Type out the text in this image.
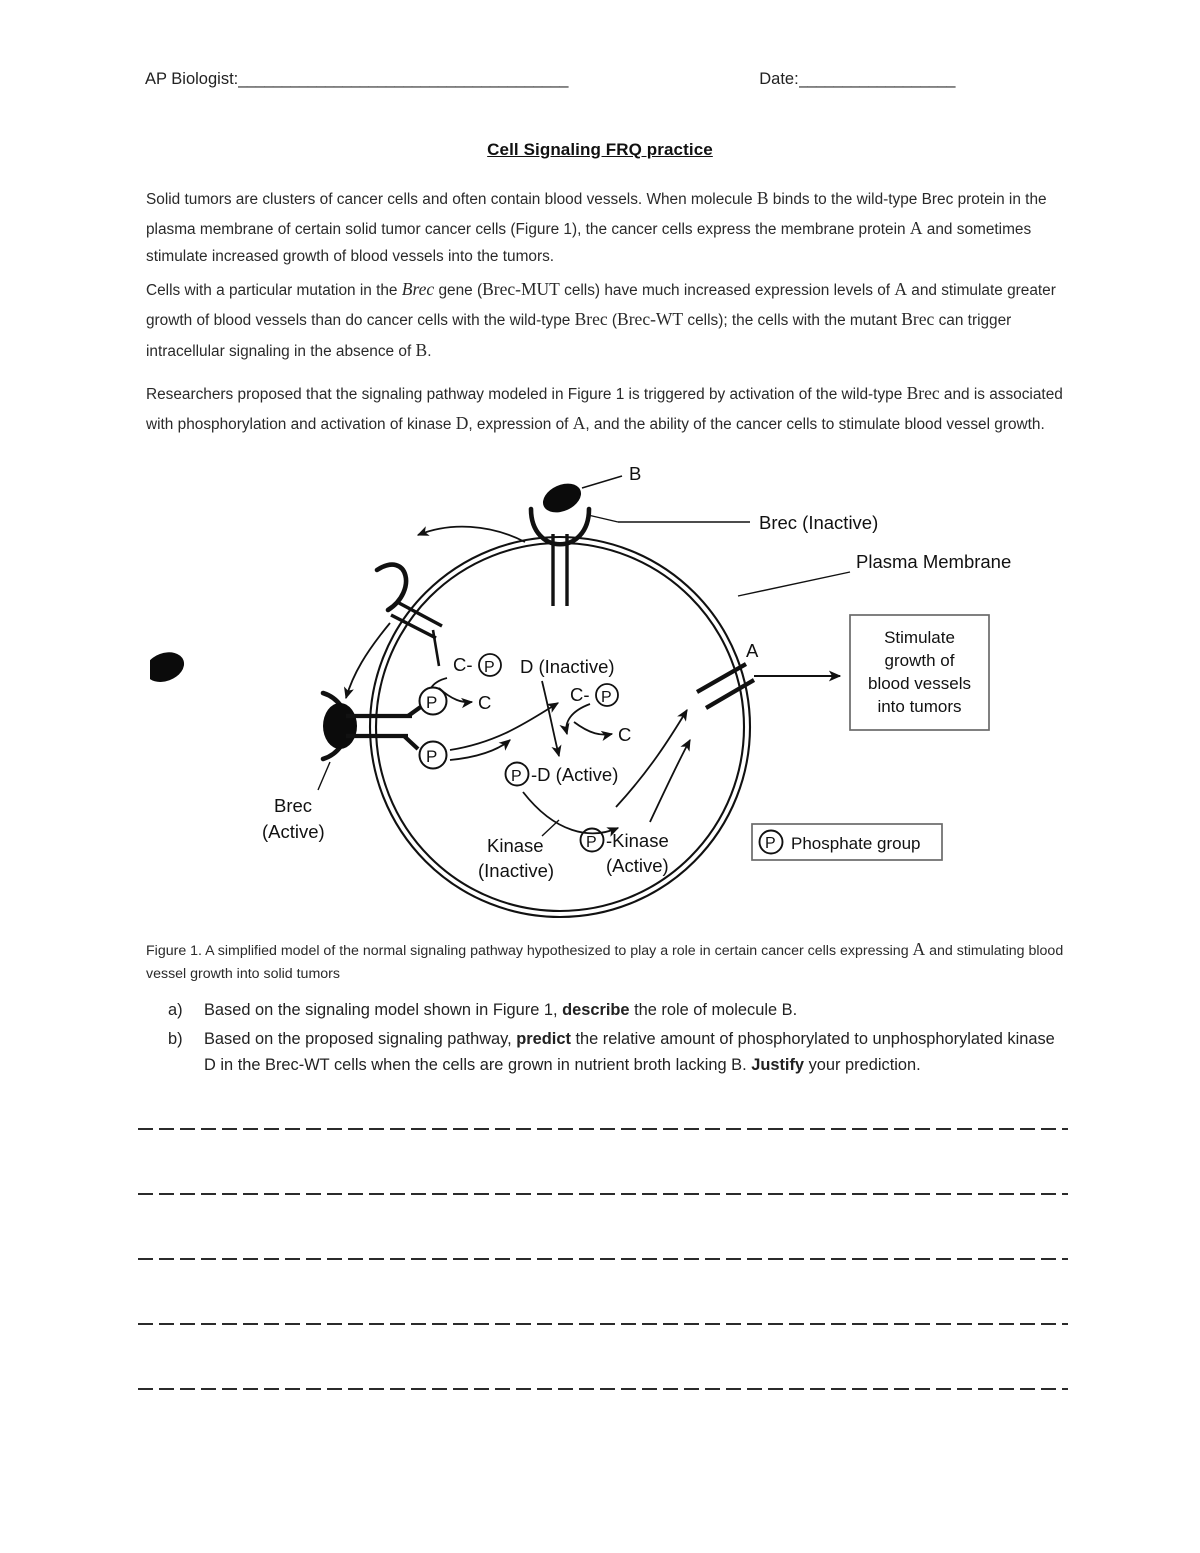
AP Biologist: ______________________________________	Date: __________________
Cell Signaling FRQ practice
Solid tumors are clusters of cancer cells and often contain blood vessels. When molecule B binds to the wild-type Brec protein in the plasma membrane of certain solid tumor cancer cells (Figure 1), the cancer cells express the membrane protein A and sometimes stimulate increased growth of blood vessels into the tumors.
Cells with a particular mutation in the Brec gene (Brec-MUT cells) have much increased expression levels of A and stimulate greater growth of blood vessels than do cancer cells with the wild-type Brec (Brec-WT cells); the cells with the mutant Brec can trigger intracellular signaling in the absence of B.
Researchers proposed that the signaling pathway modeled in Figure 1 is triggered by activation of the wild-type Brec and is associated with phosphorylation and activation of kinase D, expression of A, and the ability of the cancer cells to stimulate blood vessel growth.
B
Brec (Inactive)
Plasma Membrane
C- P
C
P
P
Brec
(Active)
D (Inactive)
C- P
C
P -D (Active)
Kinase
(Inactive)
P -Kinase
(Active)
A
Stimulate
growth of
blood vessels
into tumors
P Phosphate group
Figure 1. A simplified model of the normal signaling pathway hypothesized to play a role in certain cancer cells expressing A and stimulating blood vessel growth into solid tumors
a)	Based on the signaling model shown in Figure 1, describe the role of molecule B.
b)	Based on the proposed signaling pathway, predict the relative amount of phosphorylated to unphosphorylated kinase D in the Brec-WT cells when the cells are grown in nutrient broth lacking B. Justify your prediction.
